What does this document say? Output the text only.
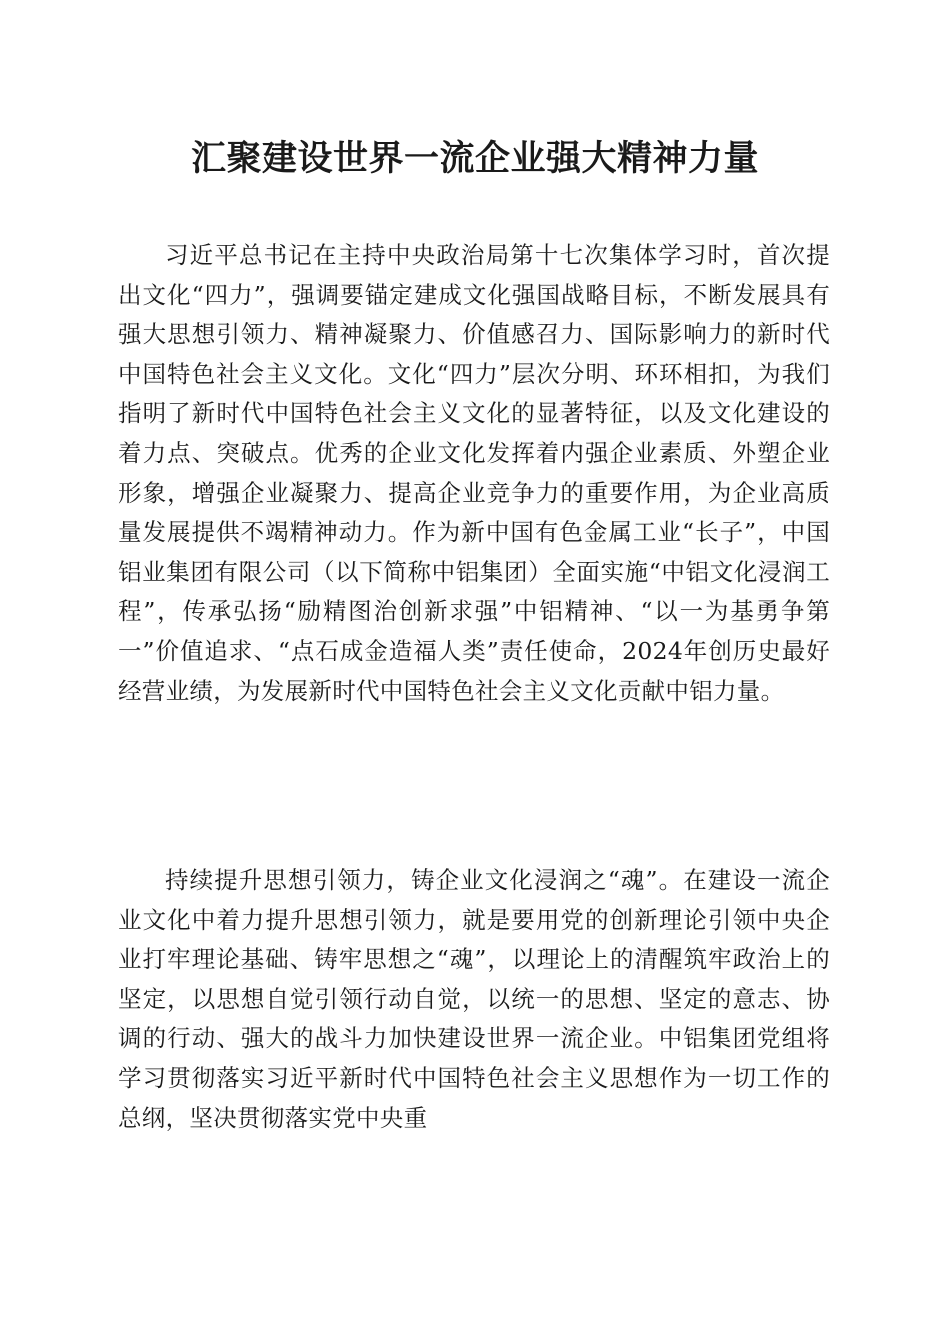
汇聚建设世界一流企业强大精神力量

习近平总书记在主持中央政治局第十七次集体学习时，首次提出文化“四力”，强调要锚定建成文化强国战略目标，不断发展具有强大思想引领力、精神凝聚力、价值感召力、国际影响力的新时代中国特色社会主义文化。文化“四力”层次分明、环环相扣，为我们指明了新时代中国特色社会主义文化的显著特征，以及文化建设的着力点、突破点。优秀的企业文化发挥着内强企业素质、外塑企业形象，增强企业凝聚力、提高企业竞争力的重要作用，为企业高质量发展提供不竭精神动力。作为新中国有色金属工业“长子”，中国铝业集团有限公司（以下简称中铝集团）全面实施“中铝文化浸润工程”，传承弘扬“励精图治创新求强”中铝精神、“以一为基勇争第一”价值追求、“点石成金造福人类”责任使命，2024年创历史最好经营业绩，为发展新时代中国特色社会主义文化贡献中铝力量。

持续提升思想引领力，铸企业文化浸润之“魂”。在建设一流企业文化中着力提升思想引领力，就是要用党的创新理论引领中央企业打牢理论基础、铸牢思想之“魂”，以理论上的清醒筑牢政治上的坚定，以思想自觉引领行动自觉，以统一的思想、坚定的意志、协调的行动、强大的战斗力加快建设世界一流企业。中铝集团党组将学习贯彻落实习近平新时代中国特色社会主义思想作为一切工作的总纲，坚决贯彻落实党中央重
